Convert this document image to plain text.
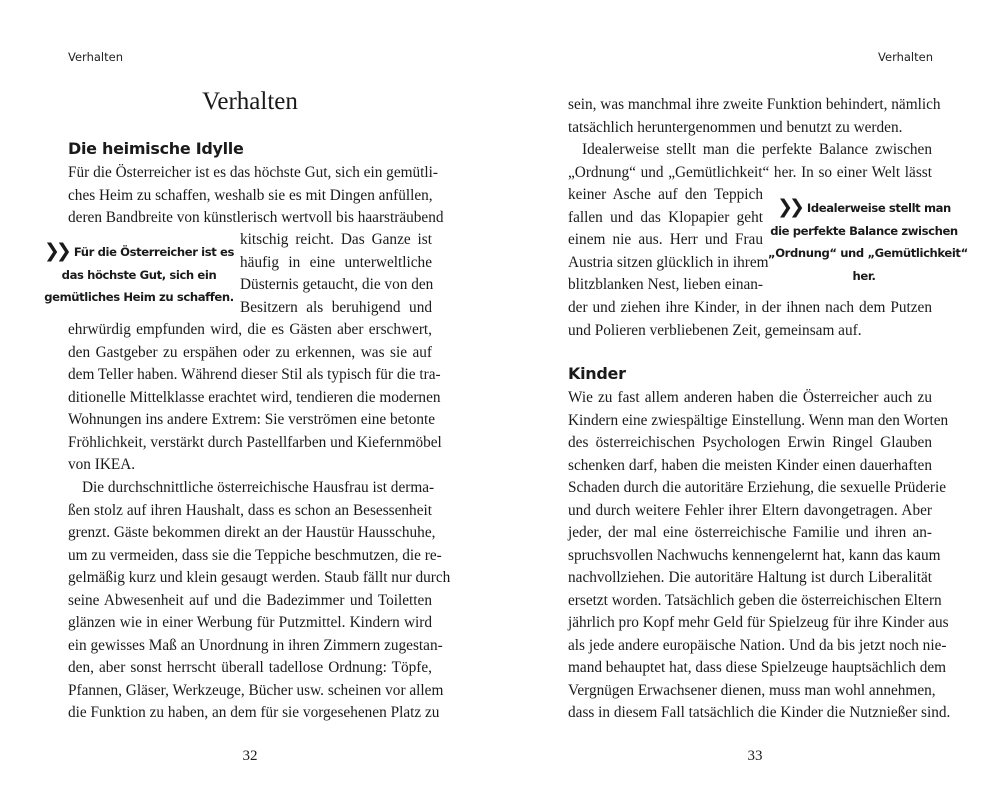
Verhalten
Verhalten
Die heimische Idylle
Für die Österreicher ist es das höchste Gut, sich ein gemütli-
ches Heim zu schaffen, weshalb sie es mit Dingen anfüllen,
deren Bandbreite von künstlerisch wertvoll bis haarsträubend
❯❯ Für die Österreicher ist es
das höchste Gut, sich ein
gemütliches Heim zu schaffen.
kitschig reicht. Das Ganze ist
häufig in eine unterweltliche
Düsternis getaucht, die von den
Besitzern als beruhigend und
ehrwürdig empfunden wird, die es Gästen aber erschwert,
den Gastgeber zu erspähen oder zu erkennen, was sie auf
dem Teller haben. Während dieser Stil als typisch für die tra-
ditionelle Mittelklasse erachtet wird, tendieren die modernen
Wohnungen ins andere Extrem: Sie verströmen eine betonte
Fröhlichkeit, verstärkt durch Pastellfarben und Kiefernmöbel
von IKEA.
Die durchschnittliche österreichische Hausfrau ist derma-
ßen stolz auf ihren Haushalt, dass es schon an Besessenheit
grenzt. Gäste bekommen direkt an der Haustür Hausschuhe,
um zu vermeiden, dass sie die Teppiche beschmutzen, die re-
gelmäßig kurz und klein gesaugt werden. Staub fällt nur durch
seine Abwesenheit auf und die Badezimmer und Toiletten
glänzen wie in einer Werbung für Putzmittel. Kindern wird
ein gewisses Maß an Unordnung in ihren Zimmern zugestan-
den, aber sonst herrscht überall tadellose Ordnung: Töpfe,
Pfannen, Gläser, Werkzeuge, Bücher usw. scheinen vor allem
die Funktion zu haben, an dem für sie vorgesehenen Platz zu
32
Verhalten
sein, was manchmal ihre zweite Funktion behindert, nämlich
tatsächlich heruntergenommen und benutzt zu werden.
Idealerweise stellt man die perfekte Balance zwischen
„Ordnung“ und „Gemütlichkeit“ her. In so einer Welt lässt
keiner Asche auf den Teppich
fallen und das Klopapier geht
einem nie aus. Herr und Frau
Austria sitzen glücklich in ihrem
blitzblanken Nest, lieben einan-
❯❯ Idealerweise stellt man
die perfekte Balance zwischen
„Ordnung“ und „Gemütlichkeit“
her.
der und ziehen ihre Kinder, in der ihnen nach dem Putzen
und Polieren verbliebenen Zeit, gemeinsam auf.
Kinder
Wie zu fast allem anderen haben die Österreicher auch zu
Kindern eine zwiespältige Einstellung. Wenn man den Worten
des österreichischen Psychologen Erwin Ringel Glauben
schenken darf, haben die meisten Kinder einen dauerhaften
Schaden durch die autoritäre Erziehung, die sexuelle Prüderie
und durch weitere Fehler ihrer Eltern davongetragen. Aber
jeder, der mal eine österreichische Familie und ihren an-
spruchsvollen Nachwuchs kennengelernt hat, kann das kaum
nachvollziehen. Die autoritäre Haltung ist durch Liberalität
ersetzt worden. Tatsächlich geben die österreichischen Eltern
jährlich pro Kopf mehr Geld für Spielzeug für ihre Kinder aus
als jede andere europäische Nation. Und da bis jetzt noch nie-
mand behauptet hat, dass diese Spielzeuge hauptsächlich dem
Vergnügen Erwachsener dienen, muss man wohl annehmen,
dass in diesem Fall tatsächlich die Kinder die Nutznießer sind.
33
